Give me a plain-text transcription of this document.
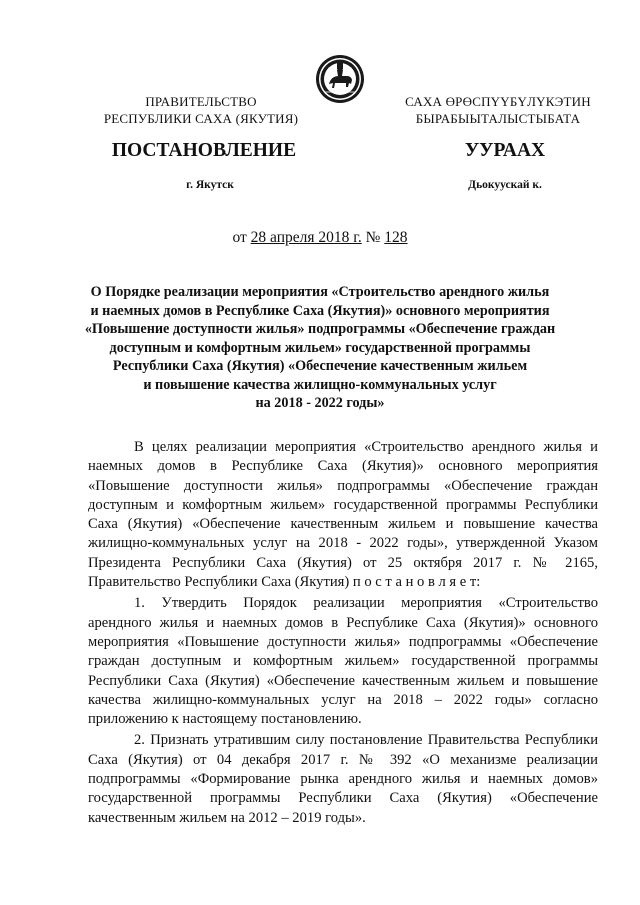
ПРАВИТЕЛЬСТВО
РЕСПУБЛИКИ САХА (ЯКУТИЯ)
САХА ӨРӨСПҮҮБҮЛҮКЭТИН
БЫРАБЫЫТАЛЫСТЫБАТА
ПОСТАНОВЛЕНИЕ	УУРААХ
г. Якутск	Дьокуускай к.
от 28 апреля 2018 г. № 128
О Порядке реализации мероприятия «Строительство арендного жилья
и наемных домов в Республике Саха (Якутия)» основного мероприятия
«Повышение доступности жилья» подпрограммы «Обеспечение граждан
доступным и комфортным жильем» государственной программы
Республики Саха (Якутия) «Обеспечение качественным жильем
и повышение качества жилищно-коммунальных услуг
на 2018 - 2022 годы»

В целях реализации мероприятия «Строительство арендного жилья и наемных домов в Республике Саха (Якутия)» основного мероприятия «Повышение доступности жилья» подпрограммы «Обеспечение граждан доступным и комфортным жильем» государственной программы Республики Саха (Якутия) «Обеспечение качественным жильем и повышение качества жилищно-коммунальных услуг на 2018 - 2022 годы», утвержденной Указом Президента Республики Саха (Якутия) от 25 октября 2017 г. № 2165, Правительство Республики Саха (Якутия) п о с т а н о в л я е т:

1. Утвердить Порядок реализации мероприятия «Строительство арендного жилья и наемных домов в Республике Саха (Якутия)» основного мероприятия «Повышение доступности жилья» подпрограммы «Обеспечение граждан доступным и комфортным жильем» государственной программы Республики Саха (Якутия) «Обеспечение качественным жильем и повышение качества жилищно-коммунальных услуг на 2018 – 2022 годы» согласно приложению к настоящему постановлению.

2. Признать утратившим силу постановление Правительства Республики Саха (Якутия) от 04 декабря 2017 г. № 392 «О механизме реализации подпрограммы «Формирование рынка арендного жилья и наемных домов» государственной программы Республики Саха (Якутия) «Обеспечение качественным жильем на 2012 – 2019 годы».
